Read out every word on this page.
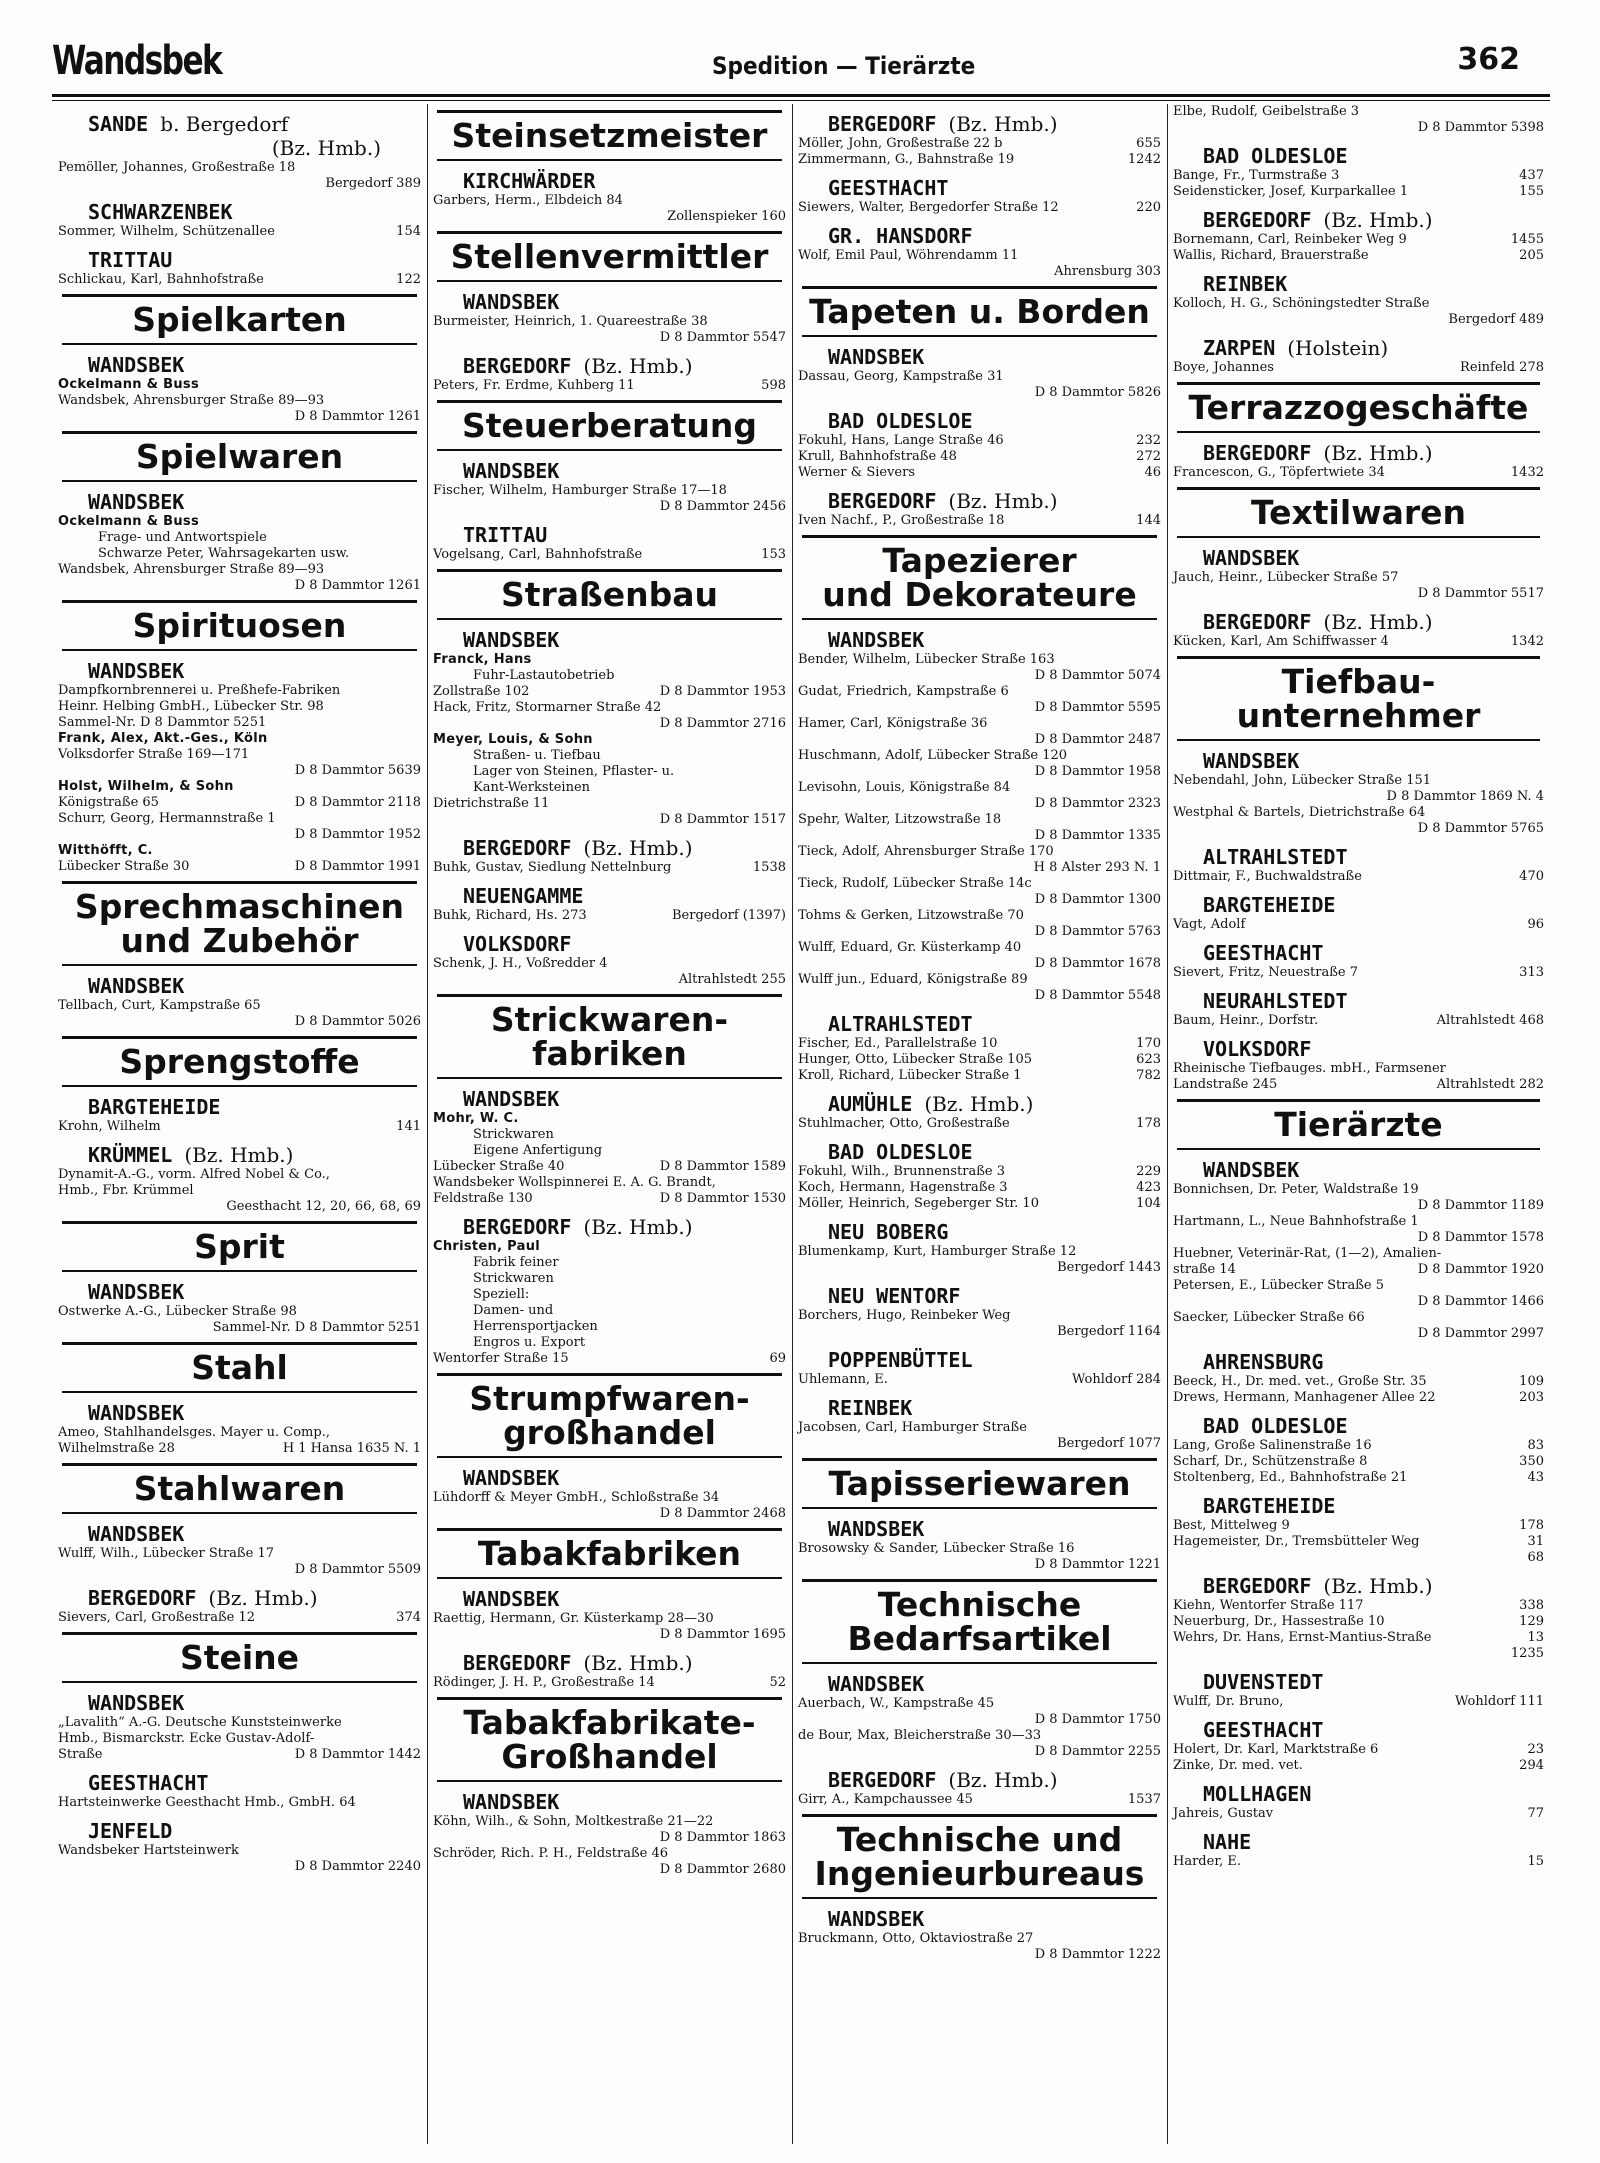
Wandsbek	Spedition — Tierärzte	362
SANDE b. Bergedorf
(Bz. Hmb.)
Pemöller, Johannes, Großestraße 18
Bergedorf 389
SCHWARZENBEK
Sommer, Wilhelm, Schützenallee	154
TRITTAU
Schlickau, Karl, Bahnhofstraße	122
Spielkarten
WANDSBEK
Ockelmann & Buss
Wandsbek, Ahrensburger Straße 89—93
D 8 Dammtor 1261
Spielwaren
WANDSBEK
Ockelmann & Buss
Frage- und Antwortspiele
Schwarze Peter, Wahrsagekarten usw.
Wandsbek, Ahrensburger Straße 89—93
D 8 Dammtor 1261
Spirituosen
WANDSBEK
Dampfkornbrennerei u. Preßhefe-Fabriken
Heinr. Helbing GmbH., Lübecker Str. 98
Sammel-Nr. D 8 Dammtor 5251
Frank, Alex, Akt.-Ges., Köln
Volksdorfer Straße 169—171
D 8 Dammtor 5639
Holst, Wilhelm, & Sohn
Königstraße 65	D 8 Dammtor 2118
Schurr, Georg, Hermannstraße 1
D 8 Dammtor 1952
Witthöfft, C.
Lübecker Straße 30	D 8 Dammtor 1991
Sprechmaschinen
und Zubehör
WANDSBEK
Tellbach, Curt, Kampstraße 65
D 8 Dammtor 5026
Sprengstoffe
BARGTEHEIDE
Krohn, Wilhelm	141
KRÜMMEL (Bz. Hmb.)
Dynamit-A.-G., vorm. Alfred Nobel & Co.,
Hmb., Fbr. Krümmel
Geesthacht 12, 20, 66, 68, 69
Sprit
WANDSBEK
Ostwerke A.-G., Lübecker Straße 98
Sammel-Nr. D 8 Dammtor 5251
Stahl
WANDSBEK
Ameo, Stahlhandelsges. Mayer u. Comp.,
Wilhelmstraße 28	H 1 Hansa 1635 N. 1
Stahlwaren
WANDSBEK
Wulff, Wilh., Lübecker Straße 17
D 8 Dammtor 5509
BERGEDORF (Bz. Hmb.)
Sievers, Carl, Großestraße 12	374
Steine
WANDSBEK
„Lavalith“ A.-G. Deutsche Kunststeinwerke
Hmb., Bismarckstr. Ecke Gustav-Adolf-
Straße	D 8 Dammtor 1442
GEESTHACHT
Hartsteinwerke Geesthacht Hmb., GmbH. 64
JENFELD
Wandsbeker Hartsteinwerk
D 8 Dammtor 2240
Steinsetzmeister
KIRCHWÄRDER
Garbers, Herm., Elbdeich 84
Zollenspieker 160
Stellenvermittler
WANDSBEK
Burmeister, Heinrich, 1. Quareestraße 38
D 8 Dammtor 5547
BERGEDORF (Bz. Hmb.)
Peters, Fr. Erdme, Kuhberg 11	598
Steuerberatung
WANDSBEK
Fischer, Wilhelm, Hamburger Straße 17—18
D 8 Dammtor 2456
TRITTAU
Vogelsang, Carl, Bahnhofstraße	153
Straßenbau
WANDSBEK
Franck, Hans
Fuhr-Lastautobetrieb
Zollstraße 102	D 8 Dammtor 1953
Hack, Fritz, Stormarner Straße 42
D 8 Dammtor 2716
Meyer, Louis, & Sohn
Straßen- u. Tiefbau
Lager von Steinen, Pflaster- u.
Kant-Werksteinen
Dietrichstraße 11
D 8 Dammtor 1517
BERGEDORF (Bz. Hmb.)
Buhk, Gustav, Siedlung Nettelnburg	1538
NEUENGAMME
Buhk, Richard, Hs. 273	Bergedorf (1397)
VOLKSDORF
Schenk, J. H., Voßredder 4
Altrahlstedt 255
Strickwaren-
fabriken
WANDSBEK
Mohr, W. C.
Strickwaren
Eigene Anfertigung
Lübecker Straße 40	D 8 Dammtor 1589
Wandsbeker Wollspinnerei E. A. G. Brandt,
Feldstraße 130	D 8 Dammtor 1530
BERGEDORF (Bz. Hmb.)
Christen, Paul
Fabrik feiner
Strickwaren
Speziell:
Damen- und
Herrensportjacken
Engros u. Export
Wentorfer Straße 15	69
Strumpfwaren-
großhandel
WANDSBEK
Lühdorff & Meyer GmbH., Schloßstraße 34
D 8 Dammtor 2468
Tabakfabriken
WANDSBEK
Raettig, Hermann, Gr. Küsterkamp 28—30
D 8 Dammtor 1695
BERGEDORF (Bz. Hmb.)
Rödinger, J. H. P., Großestraße 14	52
Tabakfabrikate-
Großhandel
WANDSBEK
Köhn, Wilh., & Sohn, Moltkestraße 21—22
D 8 Dammtor 1863
Schröder, Rich. P. H., Feldstraße 46
D 8 Dammtor 2680
BERGEDORF (Bz. Hmb.)
Möller, John, Großestraße 22 b	655
Zimmermann, G., Bahnstraße 19	1242
GEESTHACHT
Siewers, Walter, Bergedorfer Straße 12	220
GR. HANSDORF
Wolf, Emil Paul, Wöhrendamm 11
Ahrensburg 303
Tapeten u. Borden
WANDSBEK
Dassau, Georg, Kampstraße 31
D 8 Dammtor 5826
BAD OLDESLOE
Fokuhl, Hans, Lange Straße 46	232
Krull, Bahnhofstraße 48	272
Werner & Sievers	46
BERGEDORF (Bz. Hmb.)
Iven Nachf., P., Großestraße 18	144
Tapezierer
und Dekorateure
WANDSBEK
Bender, Wilhelm, Lübecker Straße 163
D 8 Dammtor 5074
Gudat, Friedrich, Kampstraße 6
D 8 Dammtor 5595
Hamer, Carl, Königstraße 36
D 8 Dammtor 2487
Huschmann, Adolf, Lübecker Straße 120
D 8 Dammtor 1958
Levisohn, Louis, Königstraße 84
D 8 Dammtor 2323
Spehr, Walter, Litzowstraße 18
D 8 Dammtor 1335
Tieck, Adolf, Ahrensburger Straße 170
H 8 Alster 293 N. 1
Tieck, Rudolf, Lübecker Straße 14c
D 8 Dammtor 1300
Tohms & Gerken, Litzowstraße 70
D 8 Dammtor 5763
Wulff, Eduard, Gr. Küsterkamp 40
D 8 Dammtor 1678
Wulff jun., Eduard, Königstraße 89
D 8 Dammtor 5548
ALTRAHLSTEDT
Fischer, Ed., Parallelstraße 10	170
Hunger, Otto, Lübecker Straße 105	623
Kroll, Richard, Lübecker Straße 1	782
AUMÜHLE (Bz. Hmb.)
Stuhlmacher, Otto, Großestraße	178
BAD OLDESLOE
Fokuhl, Wilh., Brunnenstraße 3	229
Koch, Hermann, Hagenstraße 3	423
Möller, Heinrich, Segeberger Str. 10	104
NEU BOBERG
Blumenkamp, Kurt, Hamburger Straße 12
Bergedorf 1443
NEU WENTORF
Borchers, Hugo, Reinbeker Weg
Bergedorf 1164
POPPENBÜTTEL
Uhlemann, E.	Wohldorf 284
REINBEK
Jacobsen, Carl, Hamburger Straße
Bergedorf 1077
Tapisseriewaren
WANDSBEK
Brosowsky & Sander, Lübecker Straße 16
D 8 Dammtor 1221
Technische
Bedarfsartikel
WANDSBEK
Auerbach, W., Kampstraße 45
D 8 Dammtor 1750
de Bour, Max, Bleicherstraße 30—33
D 8 Dammtor 2255
BERGEDORF (Bz. Hmb.)
Girr, A., Kampchaussee 45	1537
Technische und
Ingenieurbureaus
WANDSBEK
Bruckmann, Otto, Oktaviostraße 27
D 8 Dammtor 1222
Elbe, Rudolf, Geibelstraße 3
D 8 Dammtor 5398
BAD OLDESLOE
Bange, Fr., Turmstraße 3	437
Seidensticker, Josef, Kurparkallee 1	155
BERGEDORF (Bz. Hmb.)
Bornemann, Carl, Reinbeker Weg 9	1455
Wallis, Richard, Brauerstraße	205
REINBEK
Kolloch, H. G., Schöningstedter Straße
Bergedorf 489
ZARPEN (Holstein)
Boye, Johannes	Reinfeld 278
Terrazzogeschäfte
BERGEDORF (Bz. Hmb.)
Francescon, G., Töpfertwiete 34	1432
Textilwaren
WANDSBEK
Jauch, Heinr., Lübecker Straße 57
D 8 Dammtor 5517
BERGEDORF (Bz. Hmb.)
Kücken, Karl, Am Schiffwasser 4	1342
Tiefbau-
unternehmer
WANDSBEK
Nebendahl, John, Lübecker Straße 151
D 8 Dammtor 1869 N. 4
Westphal & Bartels, Dietrichstraße 64
D 8 Dammtor 5765
ALTRAHLSTEDT
Dittmair, F., Buchwaldstraße	470
BARGTEHEIDE
Vagt, Adolf	96
GEESTHACHT
Sievert, Fritz, Neuestraße 7	313
NEURAHLSTEDT
Baum, Heinr., Dorfstr.	Altrahlstedt 468
VOLKSDORF
Rheinische Tiefbauges. mbH., Farmsener
Landstraße 245	Altrahlstedt 282
Tierärzte
WANDSBEK
Bonnichsen, Dr. Peter, Waldstraße 19
D 8 Dammtor 1189
Hartmann, L., Neue Bahnhofstraße 1
D 8 Dammtor 1578
Huebner, Veterinär-Rat, (1—2), Amalien-
straße 14	D 8 Dammtor 1920
Petersen, E., Lübecker Straße 5
D 8 Dammtor 1466
Saecker, Lübecker Straße 66
D 8 Dammtor 2997
AHRENSBURG
Beeck, H., Dr. med. vet., Große Str. 35	109
Drews, Hermann, Manhagener Allee 22	203
BAD OLDESLOE
Lang, Große Salinenstraße 16	83
Scharf, Dr., Schützenstraße 8	350
Stoltenberg, Ed., Bahnhofstraße 21	43
BARGTEHEIDE
Best, Mittelweg 9	178
Hagemeister, Dr., Tremsbütteler Weg	31
68
BERGEDORF (Bz. Hmb.)
Kiehn, Wentorfer Straße 117	338
Neuerburg, Dr., Hassestraße 10	129
Wehrs, Dr. Hans, Ernst-Mantius-Straße	13
1235
DUVENSTEDT
Wulff, Dr. Bruno,	Wohldorf 111
GEESTHACHT
Holert, Dr. Karl, Marktstraße 6	23
Zinke, Dr. med. vet.	294
MOLLHAGEN
Jahreis, Gustav	77
NAHE
Harder, E.	15
